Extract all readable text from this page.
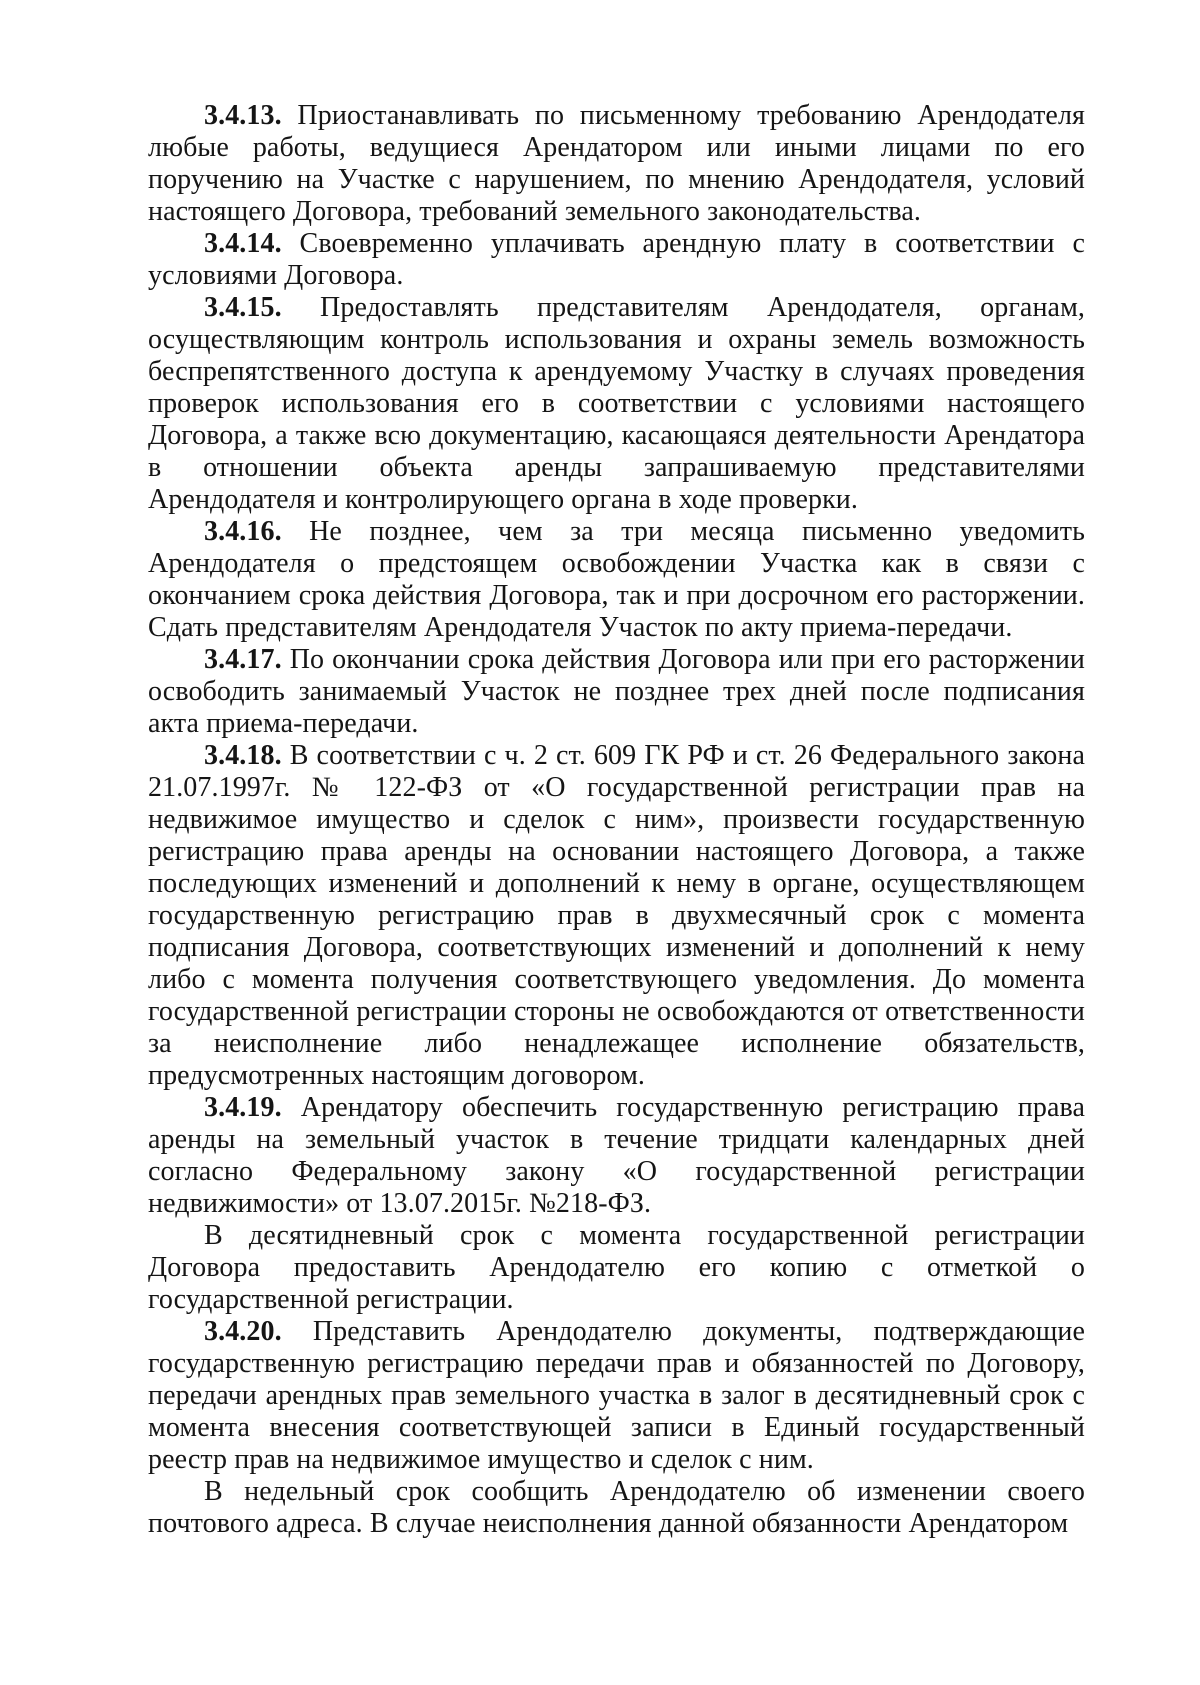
3.4.13. Приостанавливать по письменному требованию Арендодателя любые работы, ведущиеся Арендатором или иными лицами по его поручению на Участке с нарушением, по мнению Арендодателя, условий настоящего Договора, требований земельного законодательства.

3.4.14. Своевременно уплачивать арендную плату в соответствии с условиями Договора.

3.4.15. Предоставлять представителям Арендодателя, органам, осуществляющим контроль использования и охраны земель возможность беспрепятственного доступа к арендуемому Участку в случаях проведения проверок использования его в соответствии с условиями настоящего Договора, а также всю документацию, касающаяся деятельности Арендатора в отношении объекта аренды запрашиваемую представителями Арендодателя и контролирующего органа в ходе проверки.

3.4.16. Не позднее, чем за три месяца письменно уведомить Арендодателя о предстоящем освобождении Участка как в связи с окончанием срока действия Договора, так и при досрочном его расторжении. Сдать представителям Арендодателя Участок по акту приема-передачи.

3.4.17. По окончании срока действия Договора или при его расторжении освободить занимаемый Участок не позднее трех дней после подписания акта приема-передачи.

3.4.18. В соответствии с ч. 2 ст. 609 ГК РФ и ст. 26 Федерального закона 21.07.1997г. № 122-ФЗ от «О государственной регистрации прав на недвижимое имущество и сделок с ним», произвести государственную регистрацию права аренды на основании настоящего Договора, а также последующих изменений и дополнений к нему в органе, осуществляющем государственную регистрацию прав в двухмесячный срок с момента подписания Договора, соответствующих изменений и дополнений к нему либо с момента получения соответствующего уведомления. До момента государственной регистрации стороны не освобождаются от ответственности за неисполнение либо ненадлежащее исполнение обязательств, предусмотренных настоящим договором.

3.4.19. Арендатору обеспечить государственную регистрацию права аренды на земельный участок в течение тридцати календарных дней согласно Федеральному закону «О государственной регистрации недвижимости» от 13.07.2015г. №218-ФЗ.

В десятидневный срок с момента государственной регистрации Договора предоставить Арендодателю его копию с отметкой о государственной регистрации.

3.4.20. Представить Арендодателю документы, подтверждающие государственную регистрацию передачи прав и обязанностей по Договору, передачи арендных прав земельного участка в залог в десятидневный срок с момента внесения соответствующей записи в Единый государственный реестр прав на недвижимое имущество и сделок с ним.

В недельный срок сообщить Арендодателю об изменении своего почтового адреса. В случае неисполнения данной обязанности Арендатором
